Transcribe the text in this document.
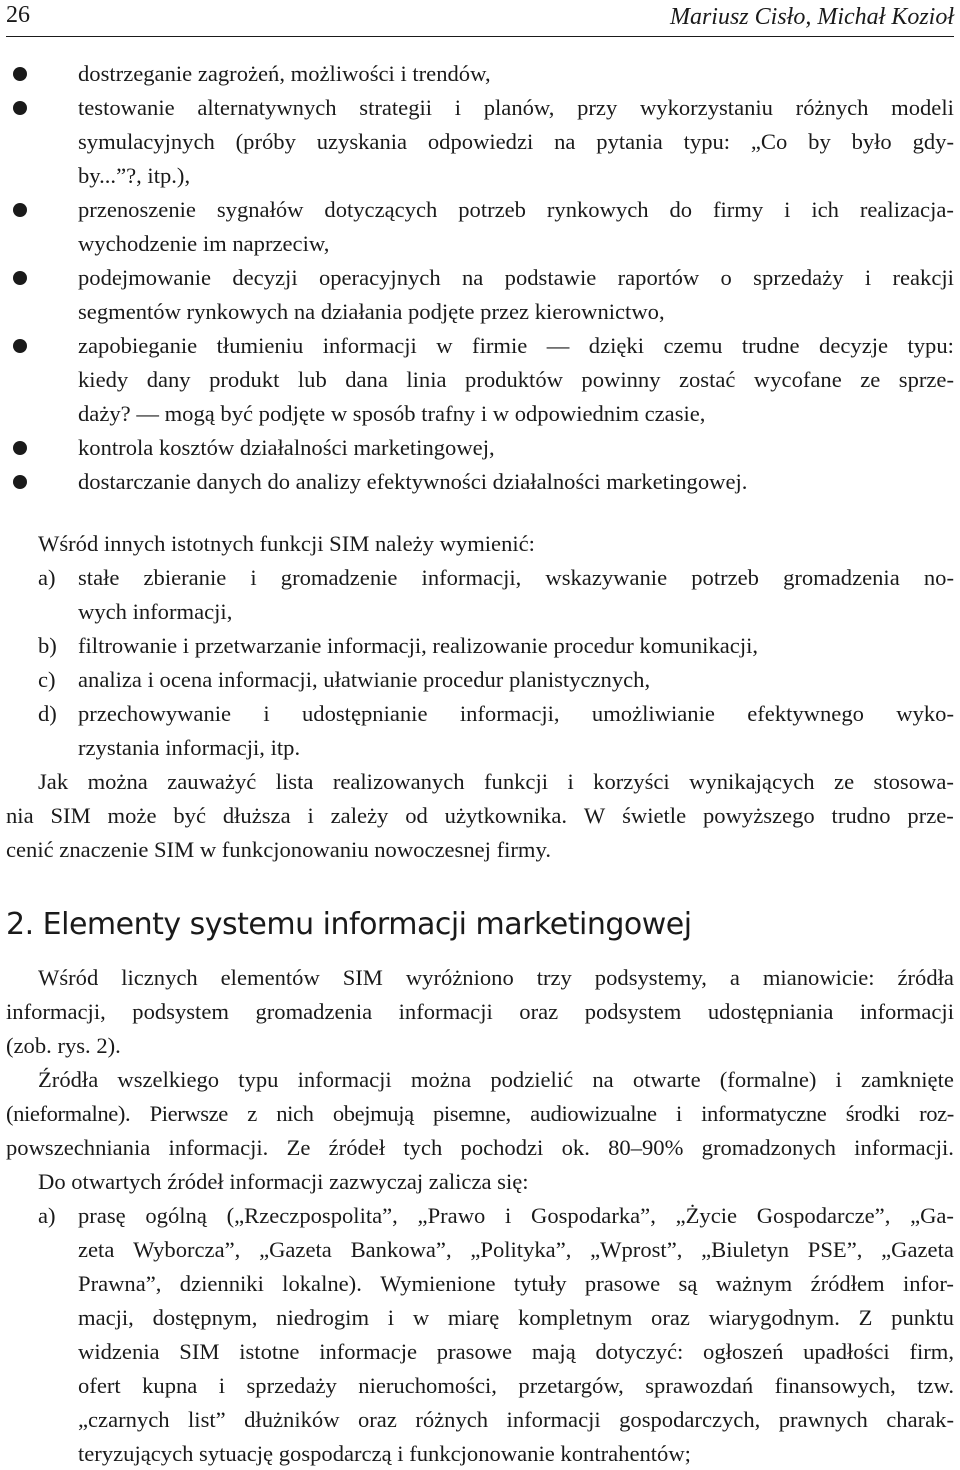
26	Mariusz Cisło, Michał Kozioł
dostrzeganie zagrożeń, możliwości i trendów,
testowanie alternatywnych strategii i planów, przy wykorzystaniu różnych modeli
symulacyjnych (próby uzyskania odpowiedzi na pytania typu: „Co by było gdy-
by...”?, itp.),
przenoszenie sygnałów dotyczących potrzeb rynkowych do firmy i ich realizacja-
wychodzenie im naprzeciw,
podejmowanie decyzji operacyjnych na podstawie raportów o sprzedaży i reakcji
segmentów rynkowych na działania podjęte przez kierownictwo,
zapobieganie tłumieniu informacji w firmie — dzięki czemu trudne decyzje typu:
kiedy dany produkt lub dana linia produktów powinny zostać wycofane ze sprze-
daży? — mogą być podjęte w sposób trafny i w odpowiednim czasie,
kontrola kosztów działalności marketingowej,
dostarczanie danych do analizy efektywności działalności marketingowej.
Wśród innych istotnych funkcji SIM należy wymienić:
a) stałe zbieranie i gromadzenie informacji, wskazywanie potrzeb gromadzenia no-
wych informacji,
b) filtrowanie i przetwarzanie informacji, realizowanie procedur komunikacji,
c) analiza i ocena informacji, ułatwianie procedur planistycznych,
d) przechowywanie i udostępnianie informacji, umożliwianie efektywnego wyko-
rzystania informacji, itp.
Jak można zauważyć lista realizowanych funkcji i korzyści wynikających ze stosowa-
nia SIM może być dłuższa i zależy od użytkownika. W świetle powyższego trudno prze-
cenić znaczenie SIM w funkcjonowaniu nowoczesnej firmy.
2. Elementy systemu informacji marketingowej
Wśród licznych elementów SIM wyróżniono trzy podsystemy, a mianowicie: źródła
informacji, podsystem gromadzenia informacji oraz podsystem udostępniania informacji
(zob. rys. 2).
Źródła wszelkiego typu informacji można podzielić na otwarte (formalne) i zamknięte
(nieformalne). Pierwsze z nich obejmują pisemne, audiowizualne i informatyczne środki roz-
powszechniania informacji. Ze źródeł tych pochodzi ok. 80–90% gromadzonych informacji.
Do otwartych źródeł informacji zazwyczaj zalicza się:
a) prasę ogólną („Rzeczpospolita”, „Prawo i Gospodarka”, „Życie Gospodarcze”, „Ga-
zeta Wyborcza”, „Gazeta Bankowa”, „Polityka”, „Wprost”, „Biuletyn PSE”, „Gazeta
Prawna”, dzienniki lokalne). Wymienione tytuły prasowe są ważnym źródłem infor-
macji, dostępnym, niedrogim i w miarę kompletnym oraz wiarygodnym. Z punktu
widzenia SIM istotne informacje prasowe mają dotyczyć: ogłoszeń upadłości firm,
ofert kupna i sprzedaży nieruchomości, przetargów, sprawozdań finansowych, tzw.
„czarnych list” dłużników oraz różnych informacji gospodarczych, prawnych charak-
teryzujących sytuację gospodarczą i funkcjonowanie kontrahentów;
